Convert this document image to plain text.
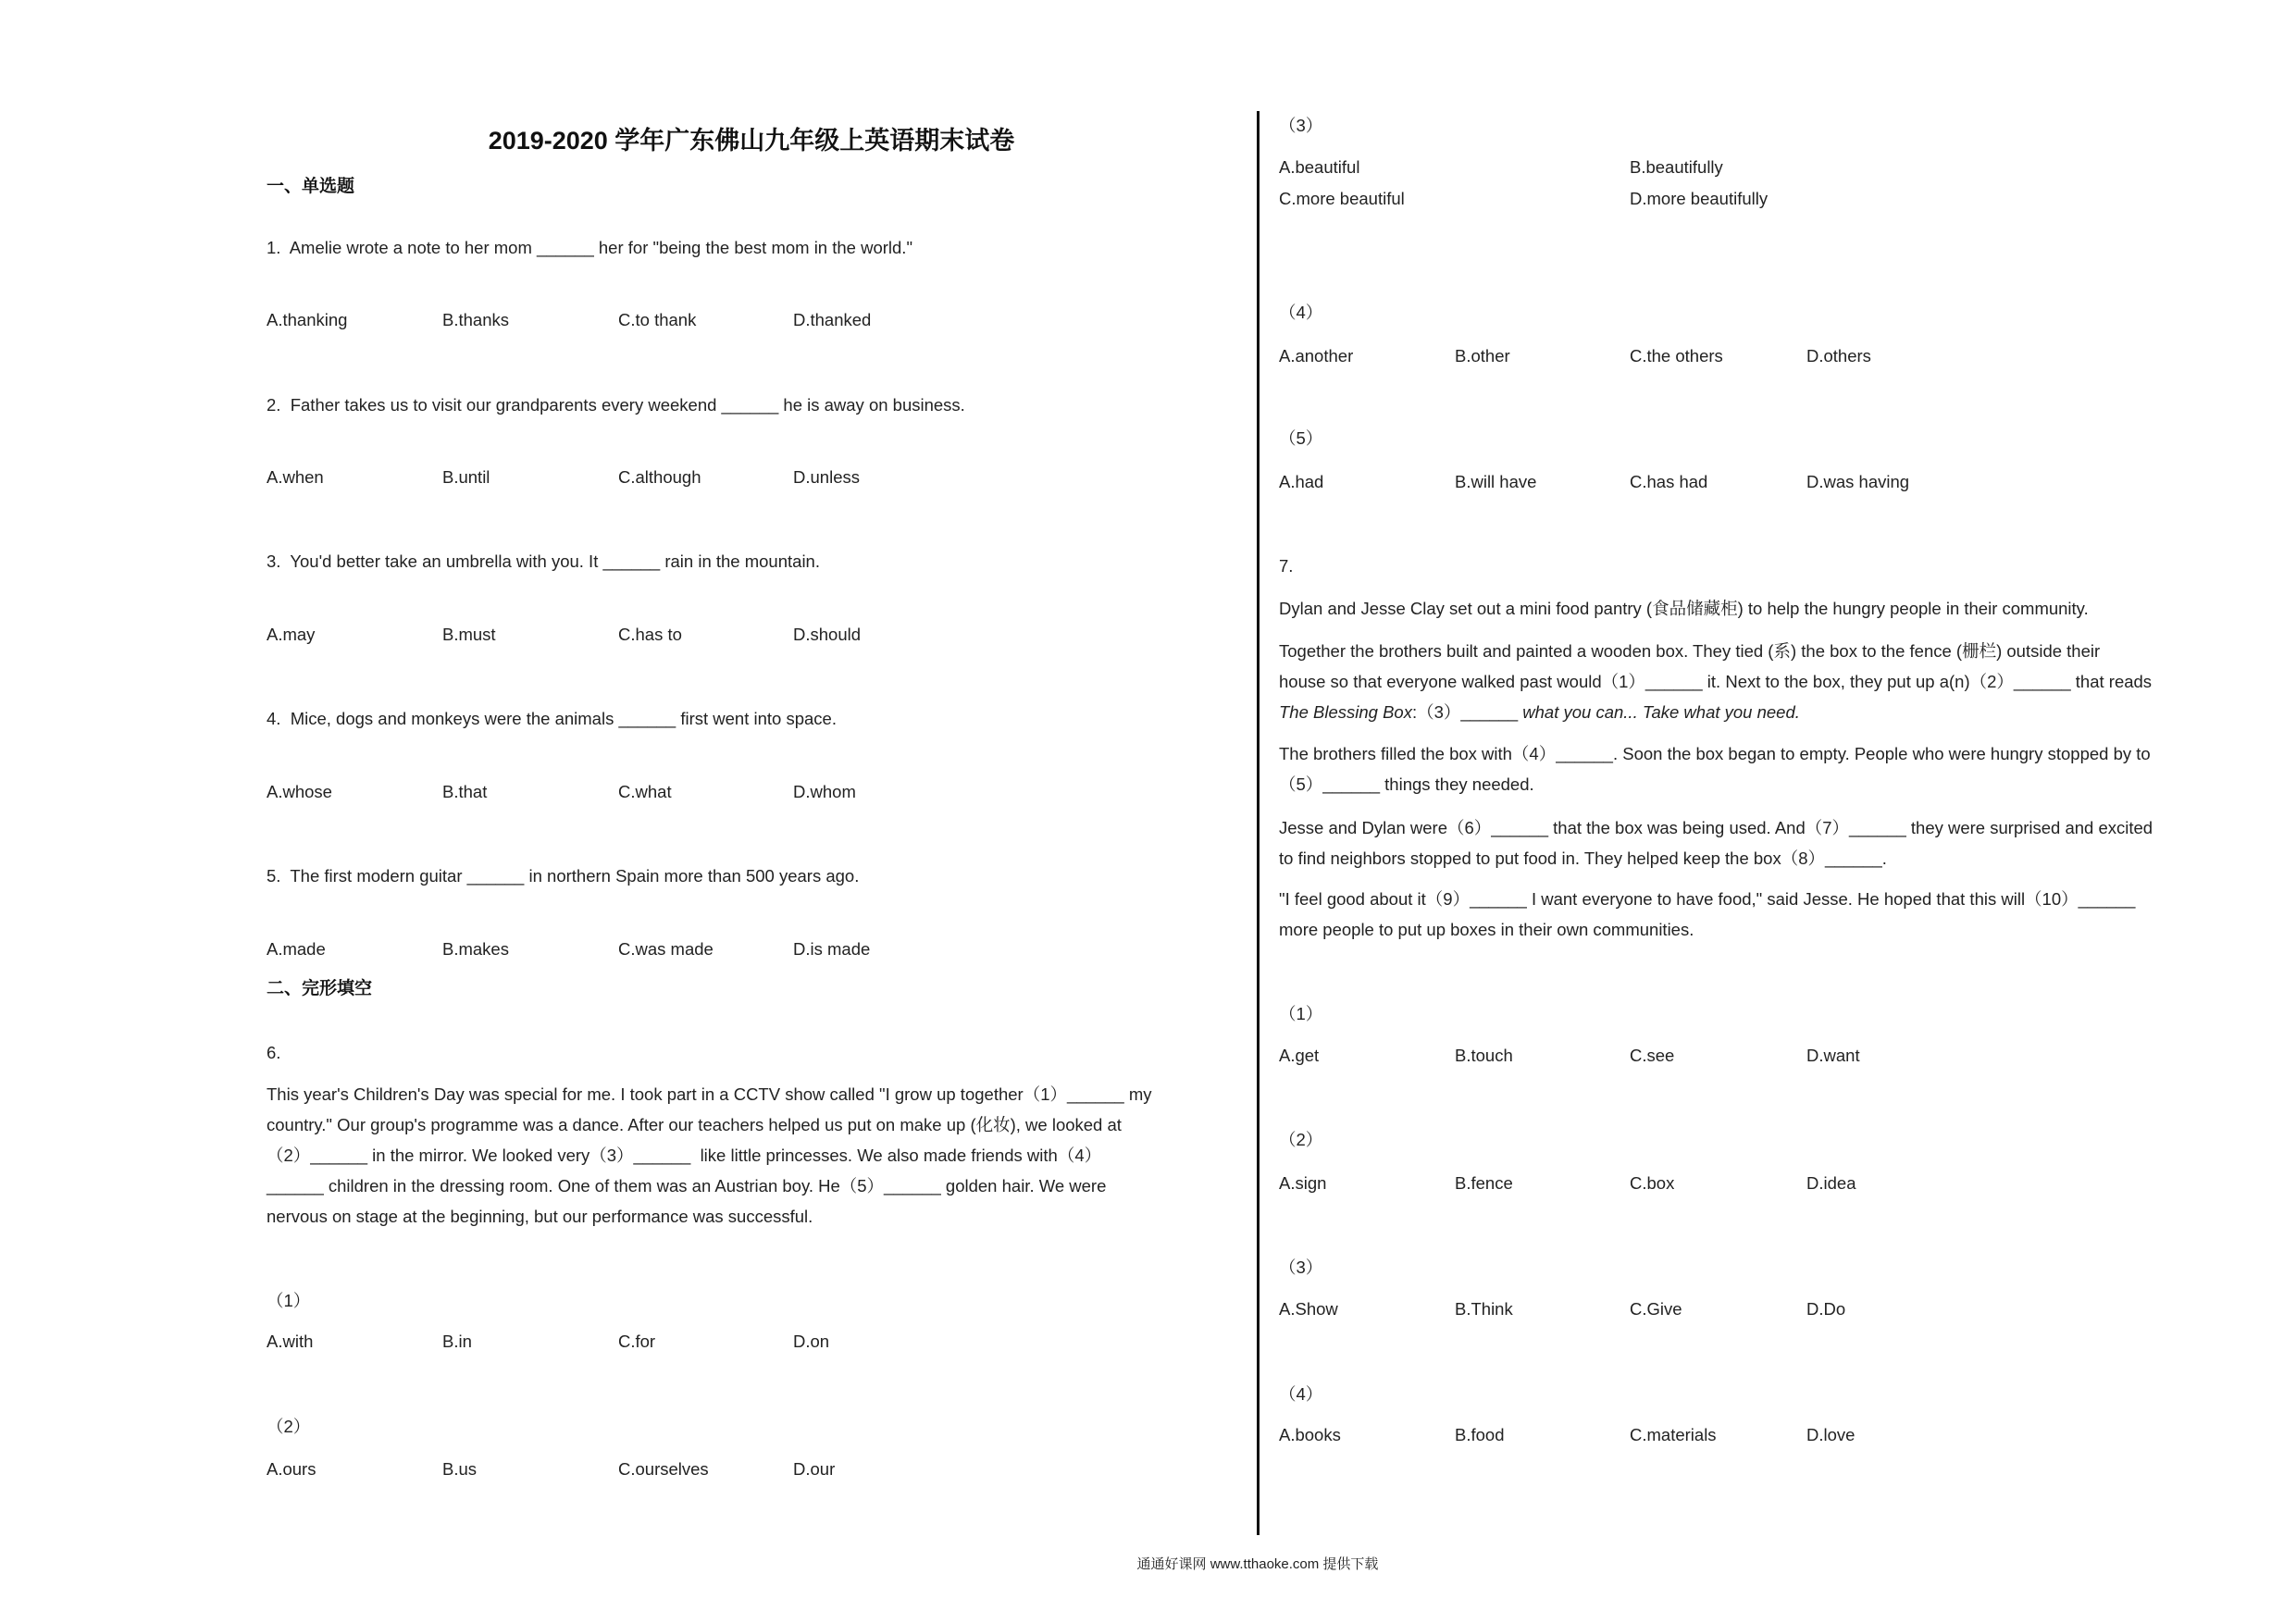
2019-2020 学年广东佛山九年级上英语期末试卷
一、单选题
1.  Amelie wrote a note to her mom ______ her for "being the best mom in the world."
A.thanking	B.thanks	C.to thank	D.thanked
2.  Father takes us to visit our grandparents every weekend ______ he is away on business.
A.when	B.until	C.although	D.unless
3.  You'd better take an umbrella with you. It ______ rain in the mountain.
A.may	B.must	C.has to	D.should
4.  Mice, dogs and monkeys were the animals ______ first went into space.
A.whose	B.that	C.what	D.whom
5.  The first modern guitar ______ in northern Spain more than 500 years ago.
A.made	B.makes	C.was made	D.is made
二、完形填空
6.
This year's Children's Day was special for me. I took part in a CCTV show called "I grow up together（1）______ my
country." Our group's programme was a dance. After our teachers helped us put on make up (化妆), we looked at
（2）______ in the mirror. We looked very（3）______  like little princesses. We also made friends with（4）
______ children in the dressing room. One of them was an Austrian boy. He（5）______ golden hair. We were
nervous on stage at the beginning, but our performance was successful.
（1）
A.with	B.in	C.for	D.on
（2）
A.ours	B.us	C.ourselves	D.our
（3）
A.beautiful	B.beautifully
C.more beautiful	D.more beautifully
（4）
A.another	B.other	C.the others	D.others
（5）
A.had	B.will have	C.has had	D.was having
7.
Dylan and Jesse Clay set out a mini food pantry (食品储藏柜) to help the hungry people in their community.
Together the brothers built and painted a wooden box. They tied (系) the box to the fence (栅栏) outside their
house so that everyone walked past would（1）______ it. Next to the box, they put up a(n)（2）______ that reads
The Blessing Box:（3）______ what you can... Take what you need.
The brothers filled the box with（4）______. Soon the box began to empty. People who were hungry stopped by to
（5）______ things they needed.
Jesse and Dylan were（6）______ that the box was being used. And（7）______ they were surprised and excited
to find neighbors stopped to put food in. They helped keep the box（8）______.
"I feel good about it（9）______ I want everyone to have food," said Jesse. He hoped that this will（10）______
more people to put up boxes in their own communities.
（1）
A.get	B.touch	C.see	D.want
（2）
A.sign	B.fence	C.box	D.idea
（3）
A.Show	B.Think	C.Give	D.Do
（4）
A.books	B.food	C.materials	D.love
通通好课网 www.tthaoke.com 提供下载
